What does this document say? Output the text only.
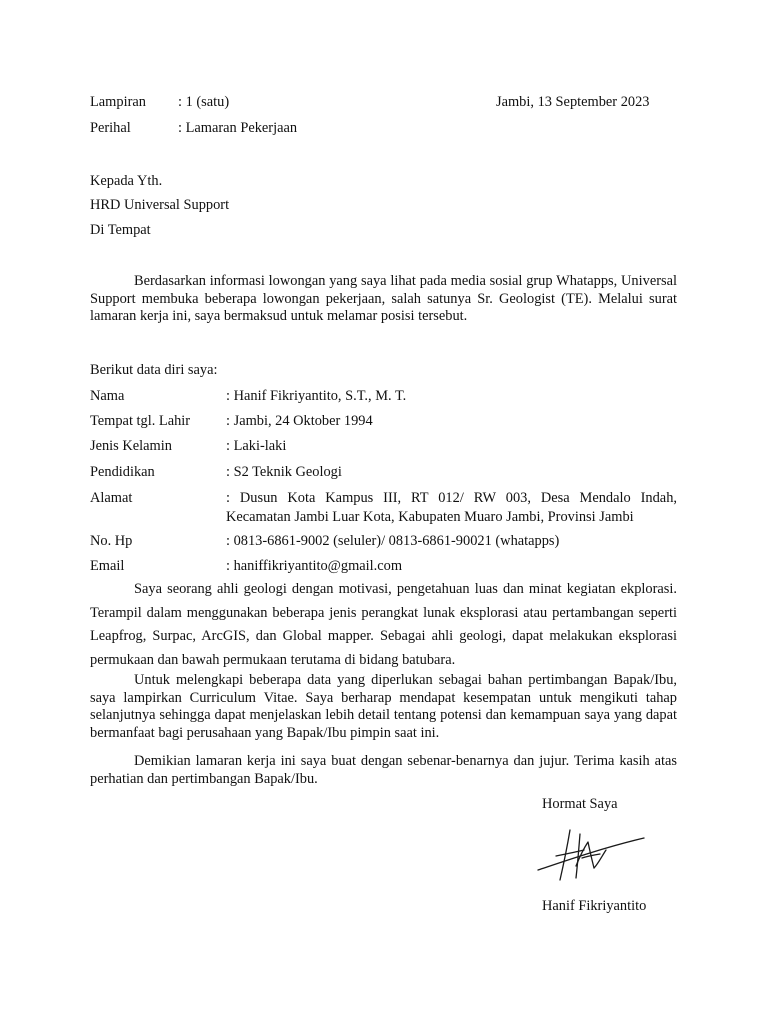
Lampiran : 1 (satu)	Jambi, 13 September 2023
Perihal	: Lamaran Pekerjaan
Kepada Yth.
HRD Universal Support
Di Tempat
Berdasarkan informasi lowongan yang saya lihat pada media sosial grup Whatapps, Universal Support membuka beberapa lowongan pekerjaan, salah satunya Sr. Geologist (TE). Melalui surat lamaran kerja ini, saya bermaksud untuk melamar posisi tersebut.
Berikut data diri saya:
Nama	: Hanif Fikriyantito, S.T., M. T.
Tempat tgl. Lahir : Jambi, 24 Oktober 1994
Jenis Kelamin	: Laki-laki
Pendidikan	: S2 Teknik Geologi
Alamat	: Dusun Kota Kampus III, RT 012/ RW 003, Desa Mendalo Indah,
Kecamatan Jambi Luar Kota, Kabupaten Muaro Jambi, Provinsi Jambi
No. Hp	: 0813-6861-9002 (seluler)/ 0813-6861-90021 (whatapps)
Email	: haniffikriyantito@gmail.com
Saya seorang ahli geologi dengan motivasi, pengetahuan luas dan minat kegiatan ekplorasi. Terampil dalam menggunakan beberapa jenis perangkat lunak eksplorasi atau pertambangan seperti Leapfrog, Surpac, ArcGIS, dan Global mapper. Sebagai ahli geologi, dapat melakukan eksplorasi permukaan dan bawah permukaan terutama di bidang batubara.
Untuk melengkapi beberapa data yang diperlukan sebagai bahan pertimbangan Bapak/Ibu, saya lampirkan Curriculum Vitae. Saya berharap mendapat kesempatan untuk mengikuti tahap selanjutnya sehingga dapat menjelaskan lebih detail tentang potensi dan kemampuan saya yang dapat bermanfaat bagi perusahaan yang Bapak/Ibu pimpin saat ini.
Demikian lamaran kerja ini saya buat dengan sebenar-benarnya dan jujur. Terima kasih atas perhatian dan pertimbangan Bapak/Ibu.
Hormat Saya
Hanif Fikriyantito
